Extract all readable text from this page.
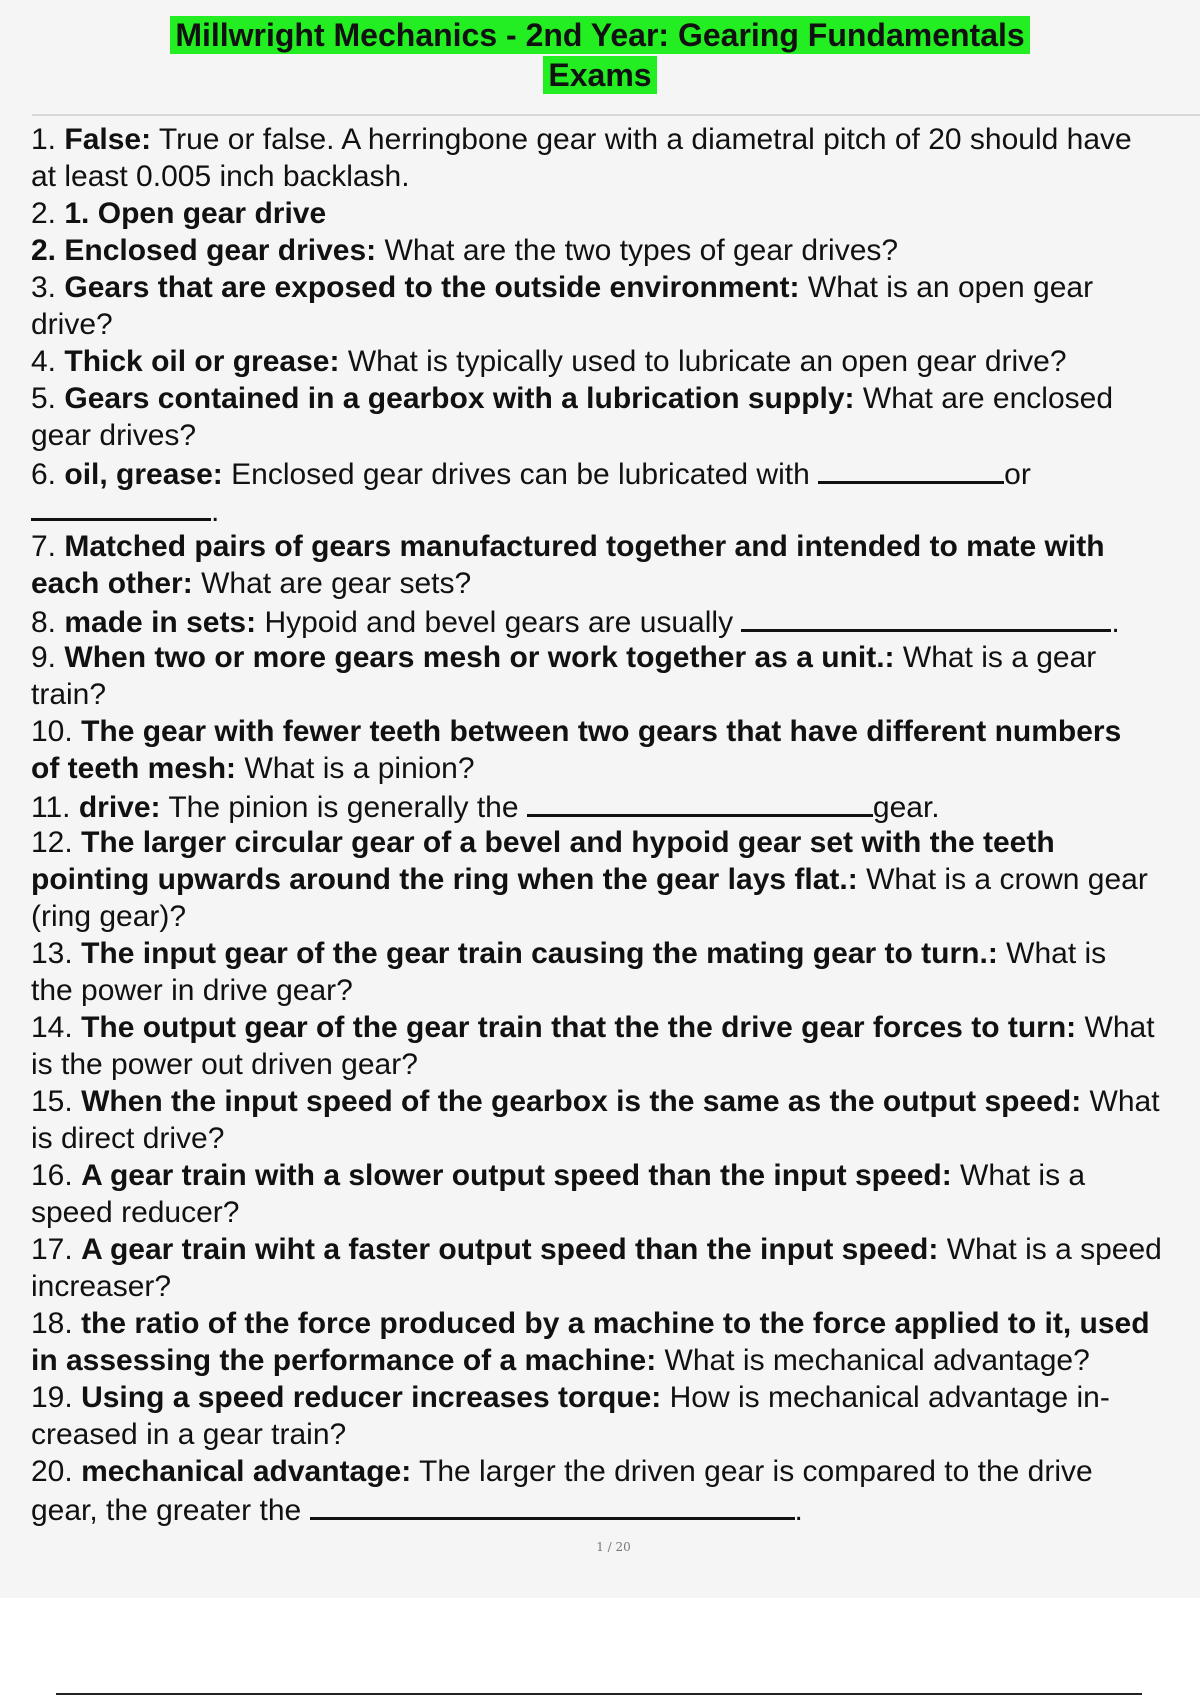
Millwright Mechanics - 2nd Year: Gearing Fundamentals
Exams
1. False: True or false. A herringbone gear with a diametral pitch of 20 should have
at least 0.005 inch backlash.
2. 1. Open gear drive
2. Enclosed gear drives: What are the two types of gear drives?
3. Gears that are exposed to the outside environment: What is an open gear
drive?
4. Thick oil or grease: What is typically used to lubricate an open gear drive?
5. Gears contained in a gearbox with a lubrication supply: What are enclosed
gear drives?
6. oil, grease: Enclosed gear drives can be lubricated with	or
.
7. Matched pairs of gears manufactured together and intended to mate with
each other: What are gear sets?
8. made in sets: Hypoid and bevel gears are usually	.
9. When two or more gears mesh or work together as a unit.: What is a gear
train?
10. The gear with fewer teeth between two gears that have different numbers
of teeth mesh: What is a pinion?
11. drive: The pinion is generally the	gear.
12. The larger circular gear of a bevel and hypoid gear set with the teeth
pointing upwards around the ring when the gear lays flat.: What is a crown gear
(ring gear)?
13. The input gear of the gear train causing the mating gear to turn.: What is
the power in drive gear?
14. The output gear of the gear train that the the drive gear forces to turn: What
is the power out driven gear?
15. When the input speed of the gearbox is the same as the output speed: What
is direct drive?
16. A gear train with a slower output speed than the input speed: What is a
speed reducer?
17. A gear train wiht a faster output speed than the input speed: What is a speed
increaser?
18. the ratio of the force produced by a machine to the force applied to it, used
in assessing the performance of a machine: What is mechanical advantage?
19. Using a speed reducer increases torque: How is mechanical advantage in-
creased in a gear train?
20. mechanical advantage: The larger the driven gear is compared to the drive
gear, the greater the	.
1 / 20
